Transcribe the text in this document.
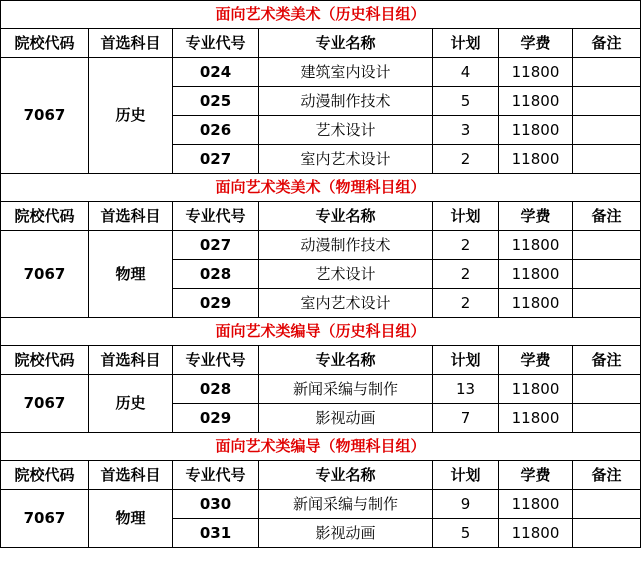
面向艺术类美术（历史科目组）						
院校代码	首选科目	专业代号	专业名称	计划	学费	备注
7067	历史	024	建筑室内设计	4	11800	
		025	动漫制作技术	5	11800	
		026	艺术设计	3	11800	
		027	室内艺术设计	2	11800	
面向艺术类美术（物理科目组）						
院校代码	首选科目	专业代号	专业名称	计划	学费	备注
7067	物理	027	动漫制作技术	2	11800	
		028	艺术设计	2	11800	
		029	室内艺术设计	2	11800	
面向艺术类编导（历史科目组）						
院校代码	首选科目	专业代号	专业名称	计划	学费	备注
7067	历史	028	新闻采编与制作	13	11800	
		029	影视动画	7	11800	
面向艺术类编导（物理科目组）						
院校代码	首选科目	专业代号	专业名称	计划	学费	备注
7067	物理	030	新闻采编与制作	9	11800	
		031	影视动画	5	11800	
